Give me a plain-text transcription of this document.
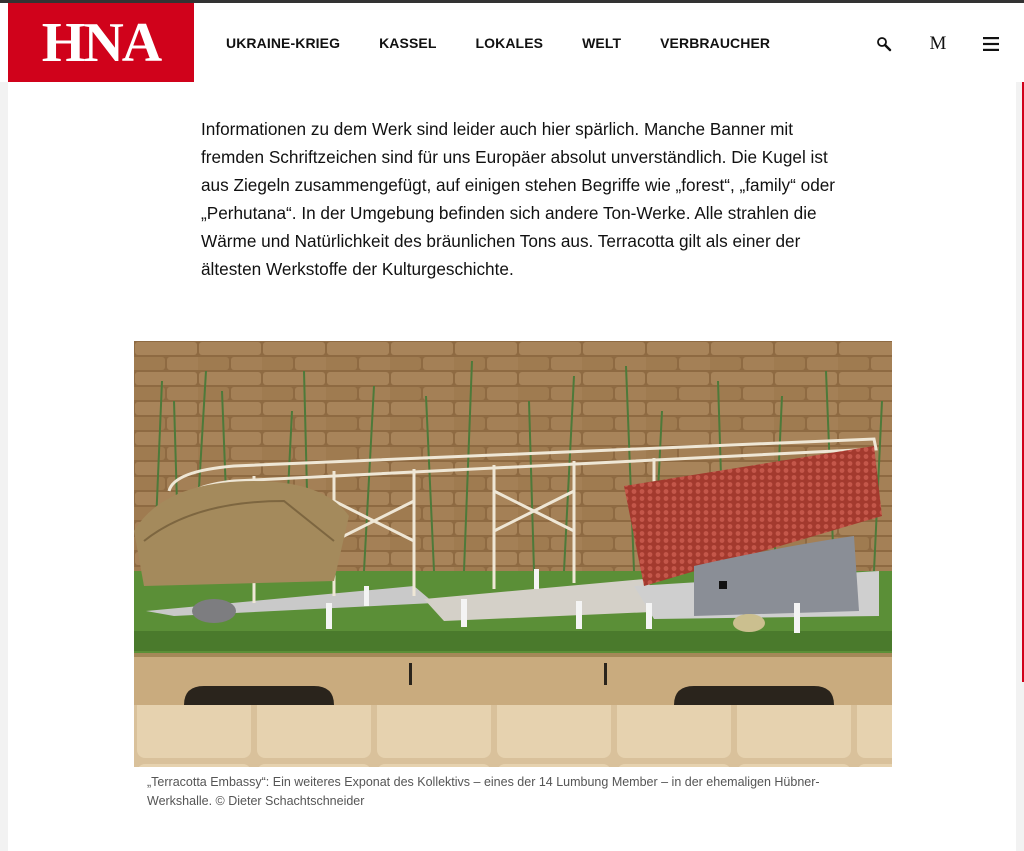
HNA	UKRAINE-KRIEG	KASSEL	LOKALES	WELT	VERBRAUCHER	M

Informationen zu dem Werk sind leider auch hier spärlich. Manche Banner mit fremden Schriftzeichen sind für uns Europäer absolut unverständlich. Die Kugel ist aus Ziegeln zusammengefügt, auf einigen stehen Begriffe wie „forest“, „family“ oder „Perhutana“. In der Umgebung befinden sich andere Ton-Werke. Alle strahlen die Wärme und Natürlichkeit des bräunlichen Tons aus. Terracotta gilt als einer der ältesten Werkstoffe der Kulturgeschichte.

„Terracotta Embassy“: Ein weiteres Exponat des Kollektivs – eines der 14 Lumbung Member – in der ehemaligen Hübner-Werkshalle. © Dieter Schachtschneider
